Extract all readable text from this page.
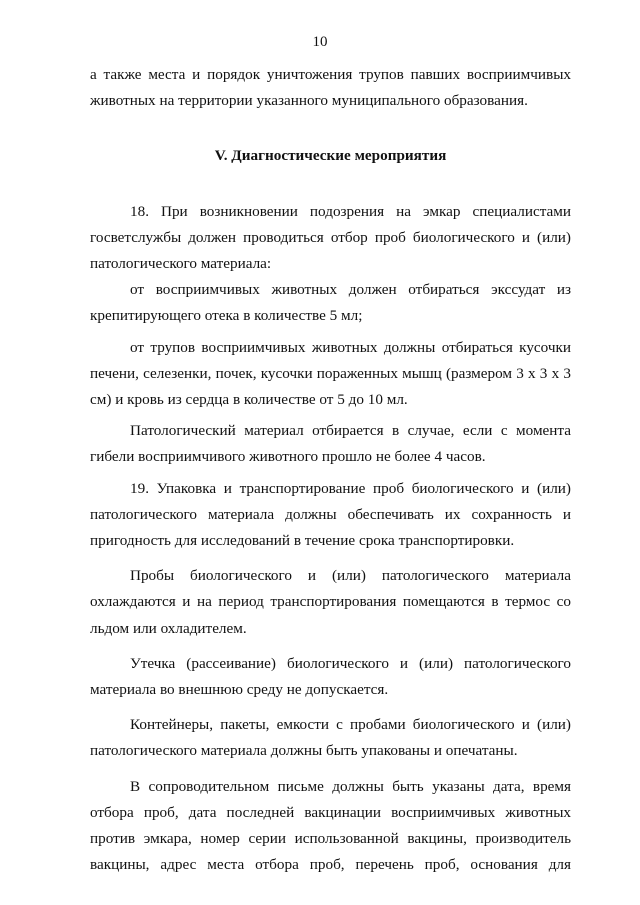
10

а также места и порядок уничтожения трупов павших восприимчивых животных на территории указанного муниципального образования.

V. Диагностические мероприятия

18. При возникновении подозрения на эмкар специалистами госветслужбы должен проводиться отбор проб биологического и (или) патологического материала:

от восприимчивых животных должен отбираться экссудат из крепитирующего отека в количестве 5 мл;

от трупов восприимчивых животных должны отбираться кусочки печени, селезенки, почек, кусочки пораженных мышц (размером 3 х 3 х 3 см) и кровь из сердца в количестве от 5 до 10 мл.

Патологический материал отбирается в случае, если с момента гибели восприимчивого животного прошло не более 4 часов.

19. Упаковка и транспортирование проб биологического и (или) патологического материала должны обеспечивать их сохранность и пригодность для исследований в течение срока транспортировки.

Пробы биологического и (или) патологического материала охлаждаются и на период транспортирования помещаются в термос со льдом или охладителем.

Утечка (рассеивание) биологического и (или) патологического материала во внешнюю среду не допускается.

Контейнеры, пакеты, емкости с пробами биологического и (или) патологического материала должны быть упакованы и опечатаны.

В сопроводительном письме должны быть указаны дата, время отбора проб, дата последней вакцинации восприимчивых животных против эмкара, номер серии использованной вакцины, производитель вакцины, адрес места отбора проб, перечень проб, основания для
